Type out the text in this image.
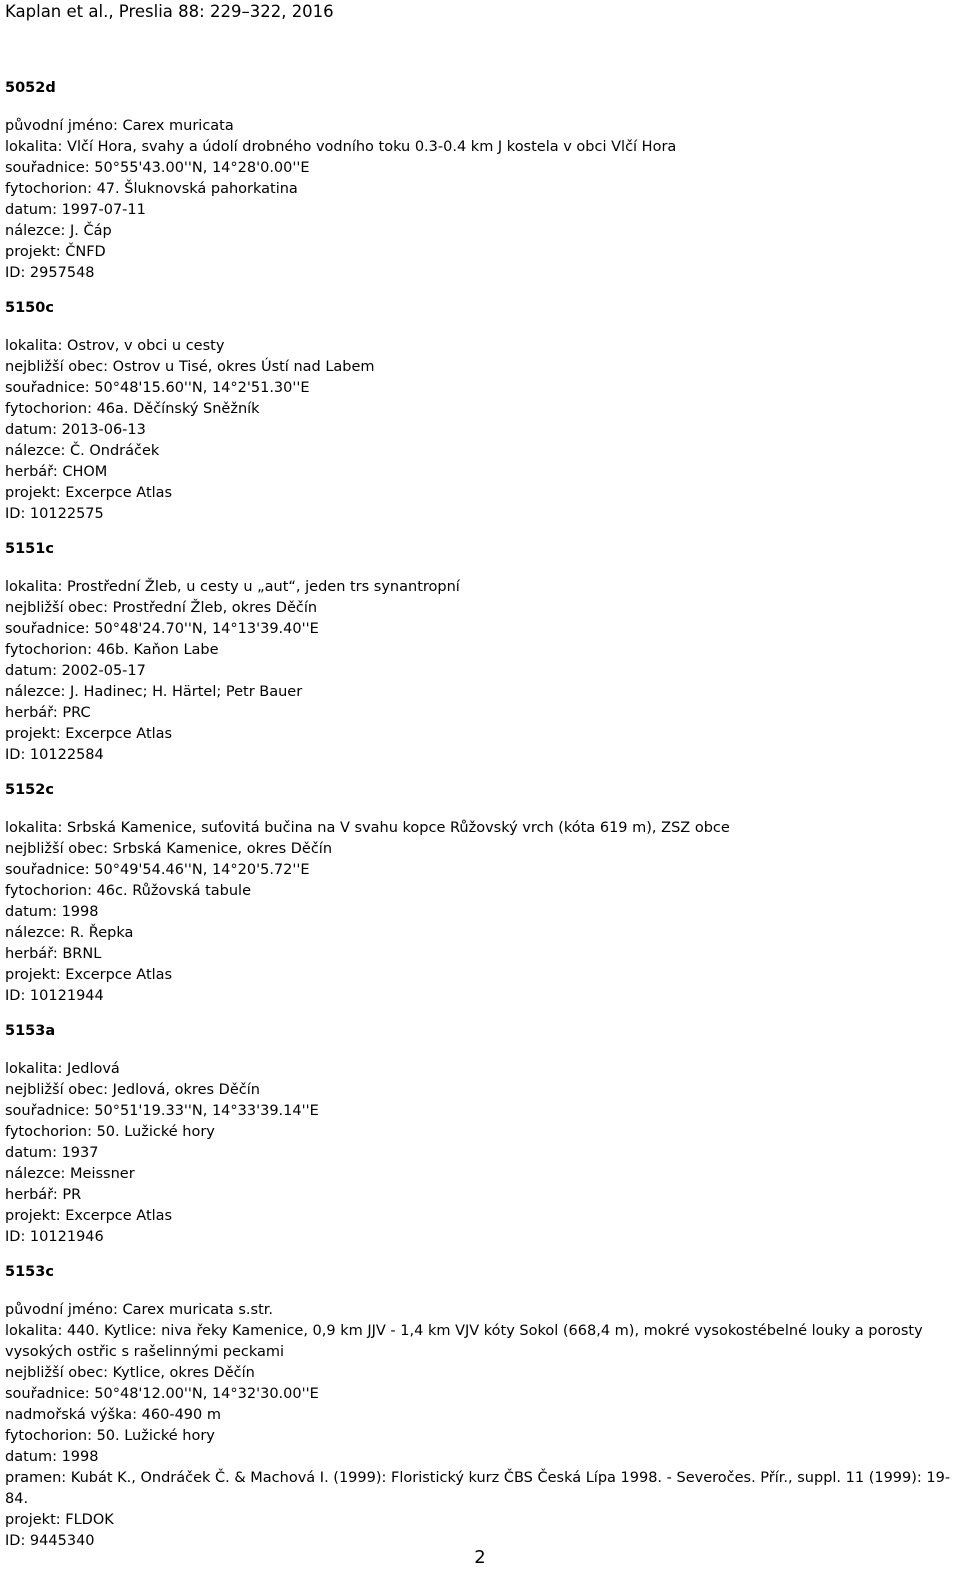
Kaplan et al., Preslia 88: 229–322, 2016
5052d
původní jméno: Carex muricata
lokalita: Vlčí Hora, svahy a údolí drobného vodního toku 0.3-0.4 km J kostela v obci Vlčí Hora
souřadnice: 50°55'43.00''N, 14°28'0.00''E
fytochorion: 47. Šluknovská pahorkatina
datum: 1997-07-11
nálezce: J. Čáp
projekt: ČNFD
ID: 2957548
5150c
lokalita: Ostrov, v obci u cesty
nejbližší obec: Ostrov u Tisé, okres Ústí nad Labem
souřadnice: 50°48'15.60''N, 14°2'51.30''E
fytochorion: 46a. Děčínský Sněžník
datum: 2013-06-13
nálezce: Č. Ondráček
herbář: CHOM
projekt: Excerpce Atlas
ID: 10122575
5151c
lokalita: Prostřední Žleb, u cesty u „aut“, jeden trs synantropní
nejbližší obec: Prostřední Žleb, okres Děčín
souřadnice: 50°48'24.70''N, 14°13'39.40''E
fytochorion: 46b. Kaňon Labe
datum: 2002-05-17
nálezce: J. Hadinec; H. Härtel; Petr Bauer
herbář: PRC
projekt: Excerpce Atlas
ID: 10122584
5152c
lokalita: Srbská Kamenice, suťovitá bučina na V svahu kopce Růžovský vrch (kóta 619 m), ZSZ obce
nejbližší obec: Srbská Kamenice, okres Děčín
souřadnice: 50°49'54.46''N, 14°20'5.72''E
fytochorion: 46c. Růžovská tabule
datum: 1998
nálezce: R. Řepka
herbář: BRNL
projekt: Excerpce Atlas
ID: 10121944
5153a
lokalita: Jedlová
nejbližší obec: Jedlová, okres Děčín
souřadnice: 50°51'19.33''N, 14°33'39.14''E
fytochorion: 50. Lužické hory
datum: 1937
nálezce: Meissner
herbář: PR
projekt: Excerpce Atlas
ID: 10121946
5153c
původní jméno: Carex muricata s.str.
lokalita: 440. Kytlice: niva řeky Kamenice, 0,9 km JJV - 1,4 km VJV kóty Sokol (668,4 m), mokré vysokostébelné louky a porosty vysokých ostřic s rašelinnými peckami
nejbližší obec: Kytlice, okres Děčín
souřadnice: 50°48'12.00''N, 14°32'30.00''E
nadmořská výška: 460-490 m
fytochorion: 50. Lužické hory
datum: 1998
pramen: Kubát K., Ondráček Č. & Machová I. (1999): Floristický kurz ČBS Česká Lípa 1998. - Severočes. Přír., suppl. 11 (1999): 19-84.
projekt: FLDOK
ID: 9445340
2
